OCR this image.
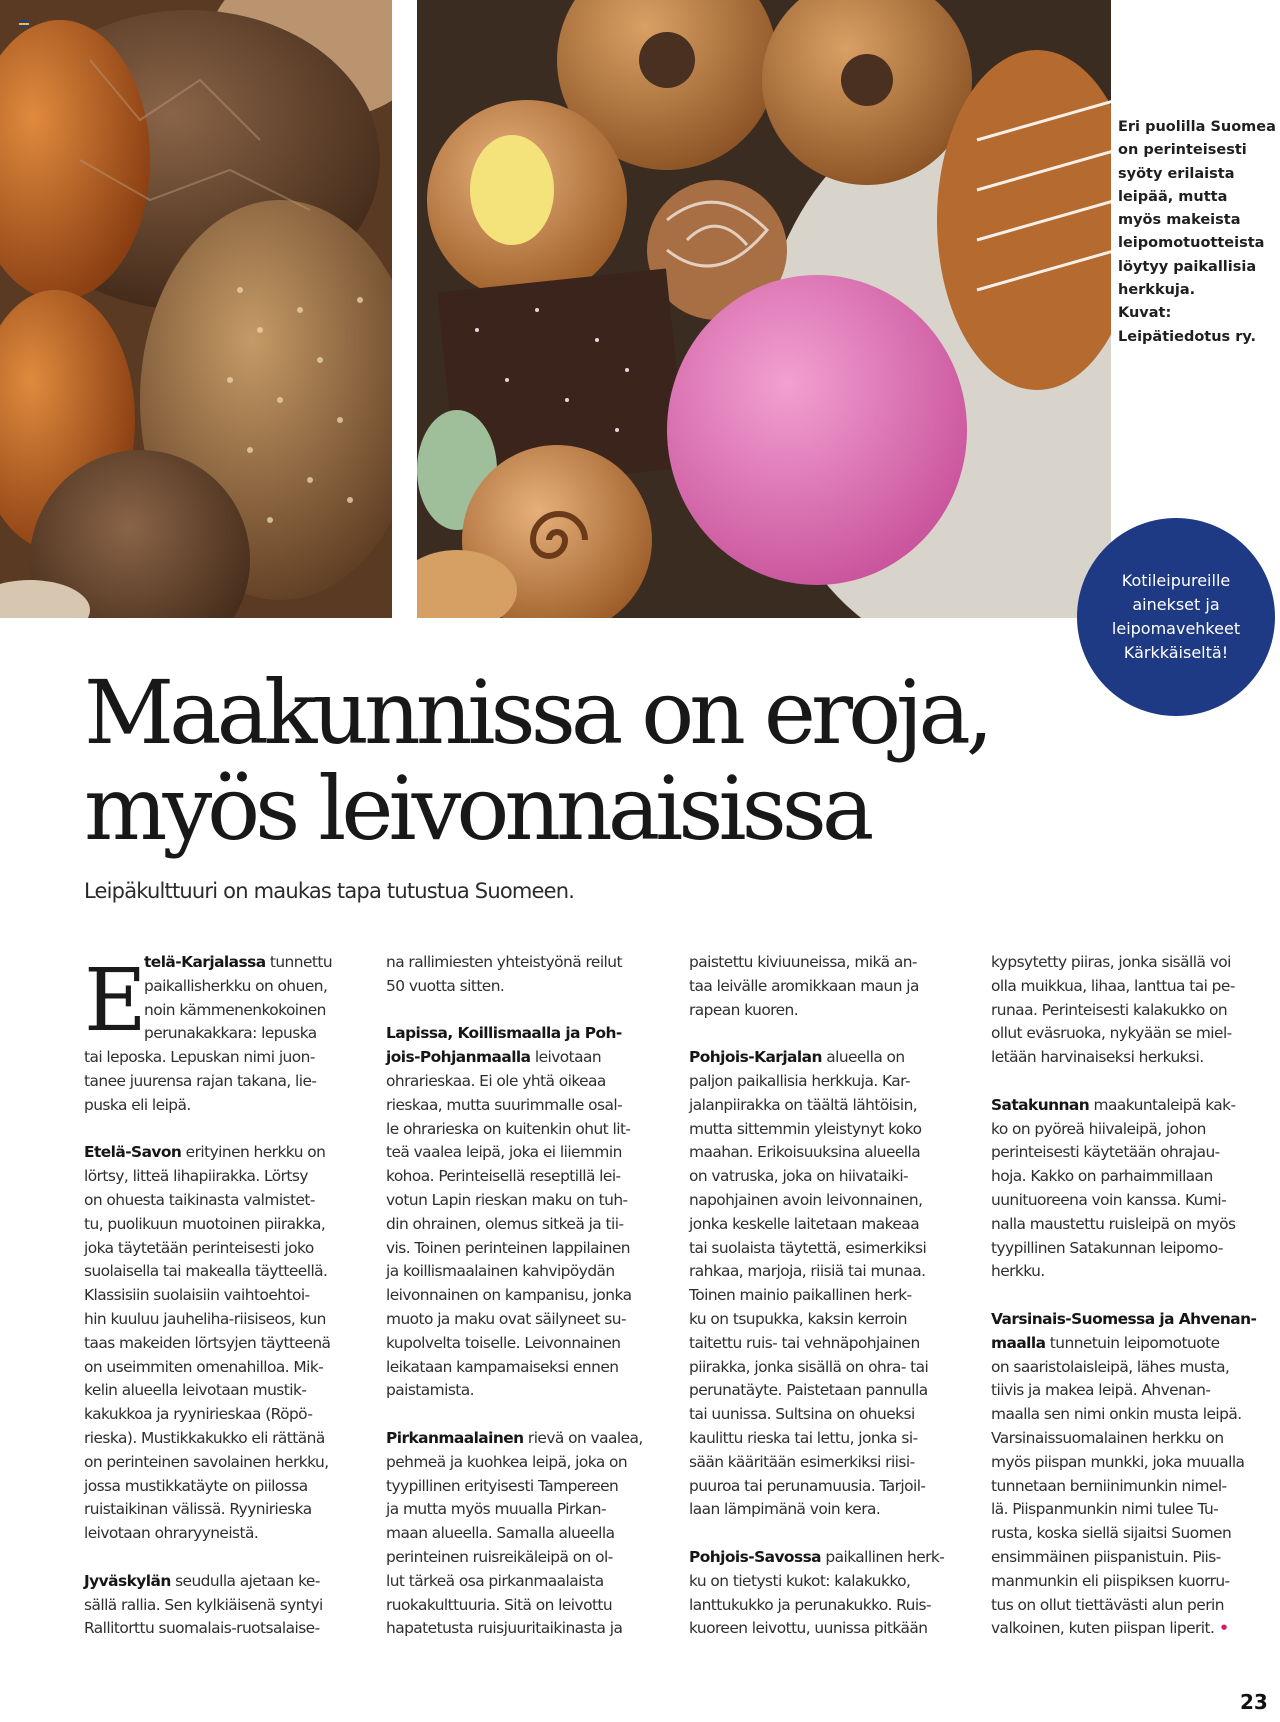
Eri puolilla Suomea
on perinteisesti
syöty erilaista
leipää, mutta
myös makeista
leipomotuotteista
löytyy paikallisia
herkkuja.
Kuvat:
Leipätiedotus ry.
Kotileipureille
ainekset ja
leipomavehkeet
Kärkkäiseltä!
Maakunnissa on eroja,
myös leivonnaisissa

Leipäkulttuuri on maukas tapa tutustua Suomeen.

E
telä-Karjalassa tunnettu
paikallisherkku on ohuen,
noin kämmenenkokoinen
perunakakkara: lepuska
tai leposka. Lepuskan nimi juon-
tanee juurensa rajan takana, lie-
puska eli leipä.
Etelä-Savon erityinen herkku on
lörtsy, litteä lihapiirakka. Lörtsy
on ohuesta taikinasta valmistet-
tu, puolikuun muotoinen piirakka,
joka täytetään perinteisesti joko
suolaisella tai makealla täytteellä.
Klassisiin suolaisiin vaihtoehtoi-
hin kuuluu jauheliha-riisiseos, kun
taas makeiden lörtsyjen täytteenä
on useimmiten omenahilloa. Mik-
kelin alueella leivotaan mustik-
kakukkoa ja ryynirieskaa (Röpö-
rieska). Mustikkakukko eli rättänä
on perinteinen savolainen herkku,
jossa mustikkatäyte on piilossa
ruistaikinan välissä. Ryynirieska
leivotaan ohraryyneistä.
Jyväskylän seudulla ajetaan ke-
sällä rallia. Sen kylkiäisenä syntyi
Rallitorttu suomalais-ruotsalaise-
na rallimiesten yhteistyönä reilut
50 vuotta sitten.
Lapissa, Koillismaalla ja Poh-
jois-Pohjanmaalla leivotaan
ohrarieskaa. Ei ole yhtä oikeaa
rieskaa, mutta suurimmalle osal-
le ohrarieska on kuitenkin ohut lit-
teä vaalea leipä, joka ei liiemmin
kohoa. Perinteisellä reseptillä lei-
votun Lapin rieskan maku on tuh-
din ohrainen, olemus sitkeä ja tii-
vis. Toinen perinteinen lappilainen
ja koillismaalainen kahvipöydän
leivonnainen on kampanisu, jonka
muoto ja maku ovat säilyneet su-
kupolvelta toiselle. Leivonnainen
leikataan kampamaiseksi ennen
paistamista.
Pirkanmaalainen rievä on vaalea,
pehmeä ja kuohkea leipä, joka on
tyypillinen erityisesti Tampereen
ja mutta myös muualla Pirkan-
maan alueella. Samalla alueella
perinteinen ruisreikäleipä on ol-
lut tärkeä osa pirkanmaalaista
ruokakulttuuria. Sitä on leivottu
hapatetusta ruisjuuritaikinasta ja
paistettu kiviuuneissa, mikä an-
taa leivälle aromikkaan maun ja
rapean kuoren.
Pohjois-Karjalan alueella on
paljon paikallisia herkkuja. Kar-
jalanpiirakka on täältä lähtöisin,
mutta sittemmin yleistynyt koko
maahan. Erikoisuuksina alueella
on vatruska, joka on hiivataiki-
napohjainen avoin leivonnainen,
jonka keskelle laitetaan makeaa
tai suolaista täytettä, esimerkiksi
rahkaa, marjoja, riisiä tai munaa.
Toinen mainio paikallinen herk-
ku on tsupukka, kaksin kerroin
taitettu ruis- tai vehnäpohjainen
piirakka, jonka sisällä on ohra- tai
perunatäyte. Paistetaan pannulla
tai uunissa. Sultsina on ohueksi
kaulittu rieska tai lettu, jonka si-
sään kääritään esimerkiksi riisi-
puuroa tai perunamuusia. Tarjoil-
laan lämpimänä voin kera.
Pohjois-Savossa paikallinen herk-
ku on tietysti kukot: kalakukko,
lanttukukko ja perunakukko. Ruis-
kuoreen leivottu, uunissa pitkään
kypsytetty piiras, jonka sisällä voi
olla muikkua, lihaa, lanttua tai pe-
runaa. Perinteisesti kalakukko on
ollut eväsruoka, nykyään se miel-
letään harvinaiseksi herkuksi.
Satakunnan maakuntaleipä kak-
ko on pyöreä hiivaleipä, johon
perinteisesti käytetään ohrajau-
hoja. Kakko on parhaimmillaan
uunituoreena voin kanssa. Kumi-
nalla maustettu ruisleipä on myös
tyypillinen Satakunnan leipomo-
herkku.
Varsinais-Suomessa ja Ahvenan-
maalla tunnetuin leipomotuote
on saaristolaisleipä, lähes musta,
tiivis ja makea leipä. Ahvenan-
maalla sen nimi onkin musta leipä.
Varsinaissuomalainen herkku on
myös piispan munkki, joka muualla
tunnetaan berniinimunkin nimel-
lä. Piispanmunkin nimi tulee Tu-
rusta, koska siellä sijaitsi Suomen
ensimmäinen piispanistuin. Piis-
manmunkin eli piispiksen kuorru-
tus on ollut tiettävästi alun perin
valkoinen, kuten piispan liperit. •
23
